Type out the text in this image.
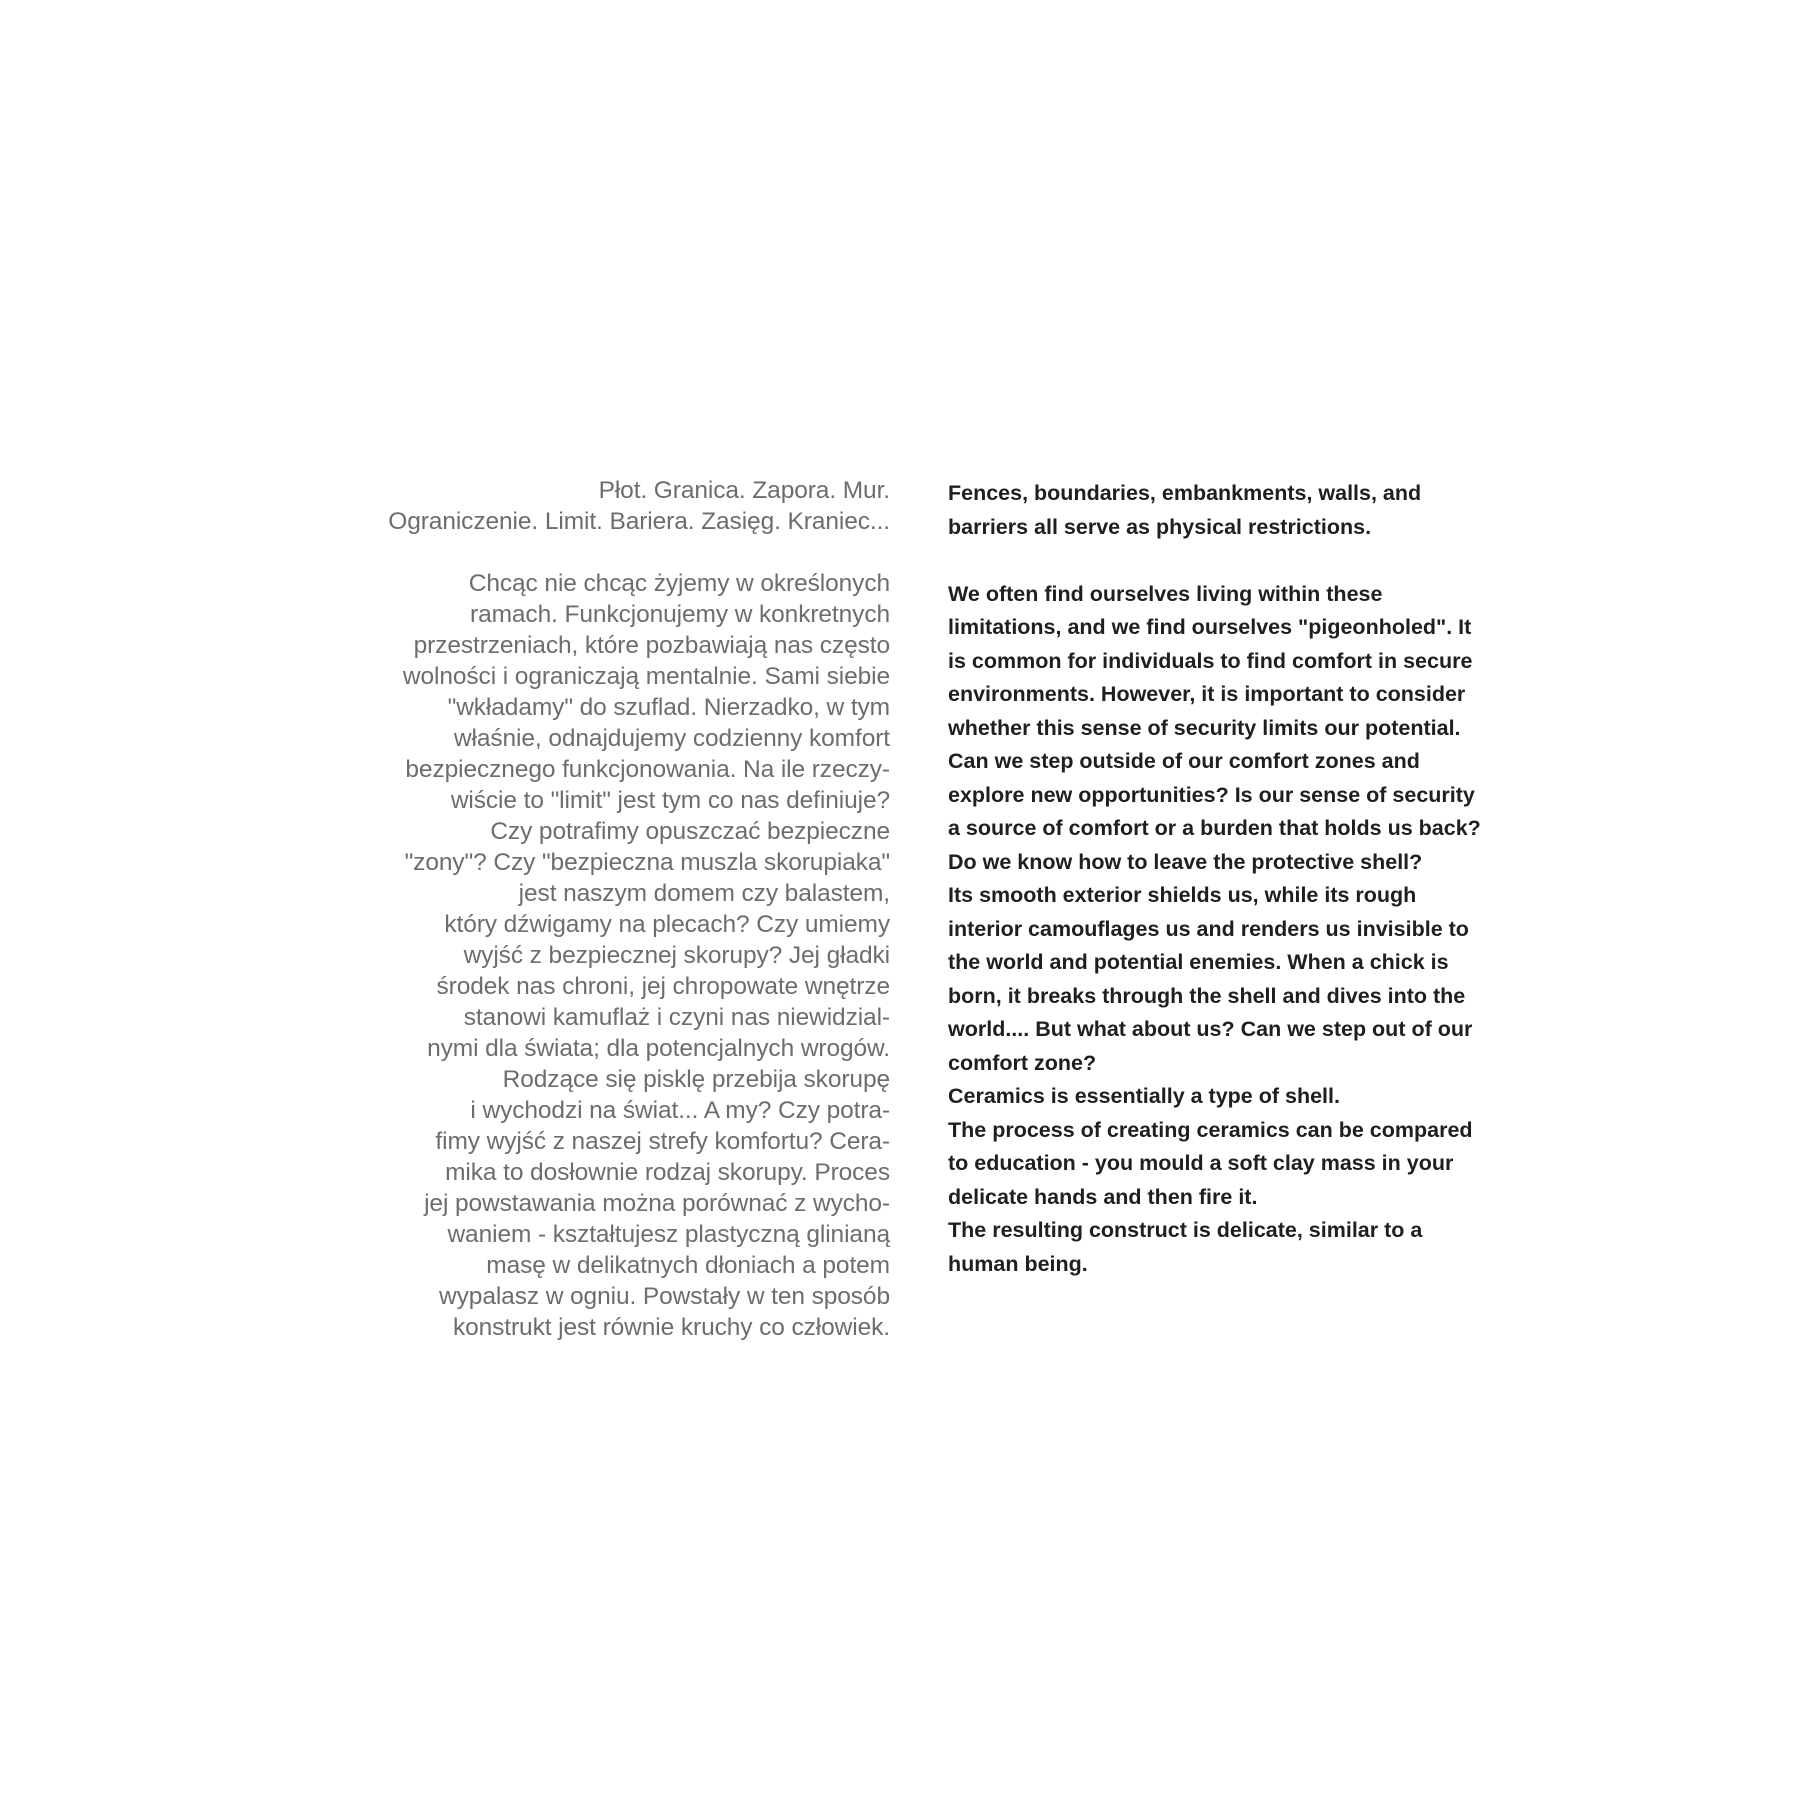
Płot. Granica. Zapora. Mur.
Ograniczenie. Limit. Bariera. Zasięg. Kraniec...
Chcąc nie chcąc żyjemy w określonych
ramach. Funkcjonujemy w konkretnych
przestrzeniach, które pozbawiają nas często
wolności i ograniczają mentalnie. Sami siebie
"wkładamy" do szuflad. Nierzadko, w tym
właśnie, odnajdujemy codzienny komfort
bezpiecznego funkcjonowania. Na ile rzeczy-
wiście to "limit" jest tym co nas definiuje?
Czy potrafimy opuszczać bezpieczne
"zony"? Czy "bezpieczna muszla skorupiaka"
jest naszym domem czy balastem,
który dźwigamy na plecach? Czy umiemy
wyjść z bezpiecznej skorupy? Jej gładki
środek nas chroni, jej chropowate wnętrze
stanowi kamuflaż i czyni nas niewidzial-
nymi dla świata; dla potencjalnych wrogów.
Rodzące się pisklę przebija skorupę
i wychodzi na świat... A my? Czy potra-
fimy wyjść z naszej strefy komfortu? Cera-
mika to dosłownie rodzaj skorupy. Proces
jej powstawania można porównać z wycho-
waniem - kształtujesz plastyczną glinianą
masę w delikatnych dłoniach a potem
wypalasz w ogniu. Powstały w ten sposób
konstrukt jest równie kruchy co człowiek.
Fences, boundaries, embankments, walls, and
barriers all serve as physical restrictions.
We often find ourselves living within these
limitations, and we find ourselves "pigeonholed". It
is common for individuals to find comfort in secure
environments. However, it is important to consider
whether this sense of security limits our potential.
Can we step outside of our comfort zones and
explore new opportunities? Is our sense of security
a source of comfort or a burden that holds us back?
Do we know how to leave the protective shell?
Its smooth exterior shields us, while its rough
interior camouflages us and renders us invisible to
the world and potential enemies. When a chick is
born, it breaks through the shell and dives into the
world.... But what about us? Can we step out of our
comfort zone?
Ceramics is essentially a type of shell.
The process of creating ceramics can be compared
to education - you mould a soft clay mass in your
delicate hands and then fire it.
The resulting construct is delicate, similar to a
human being.
